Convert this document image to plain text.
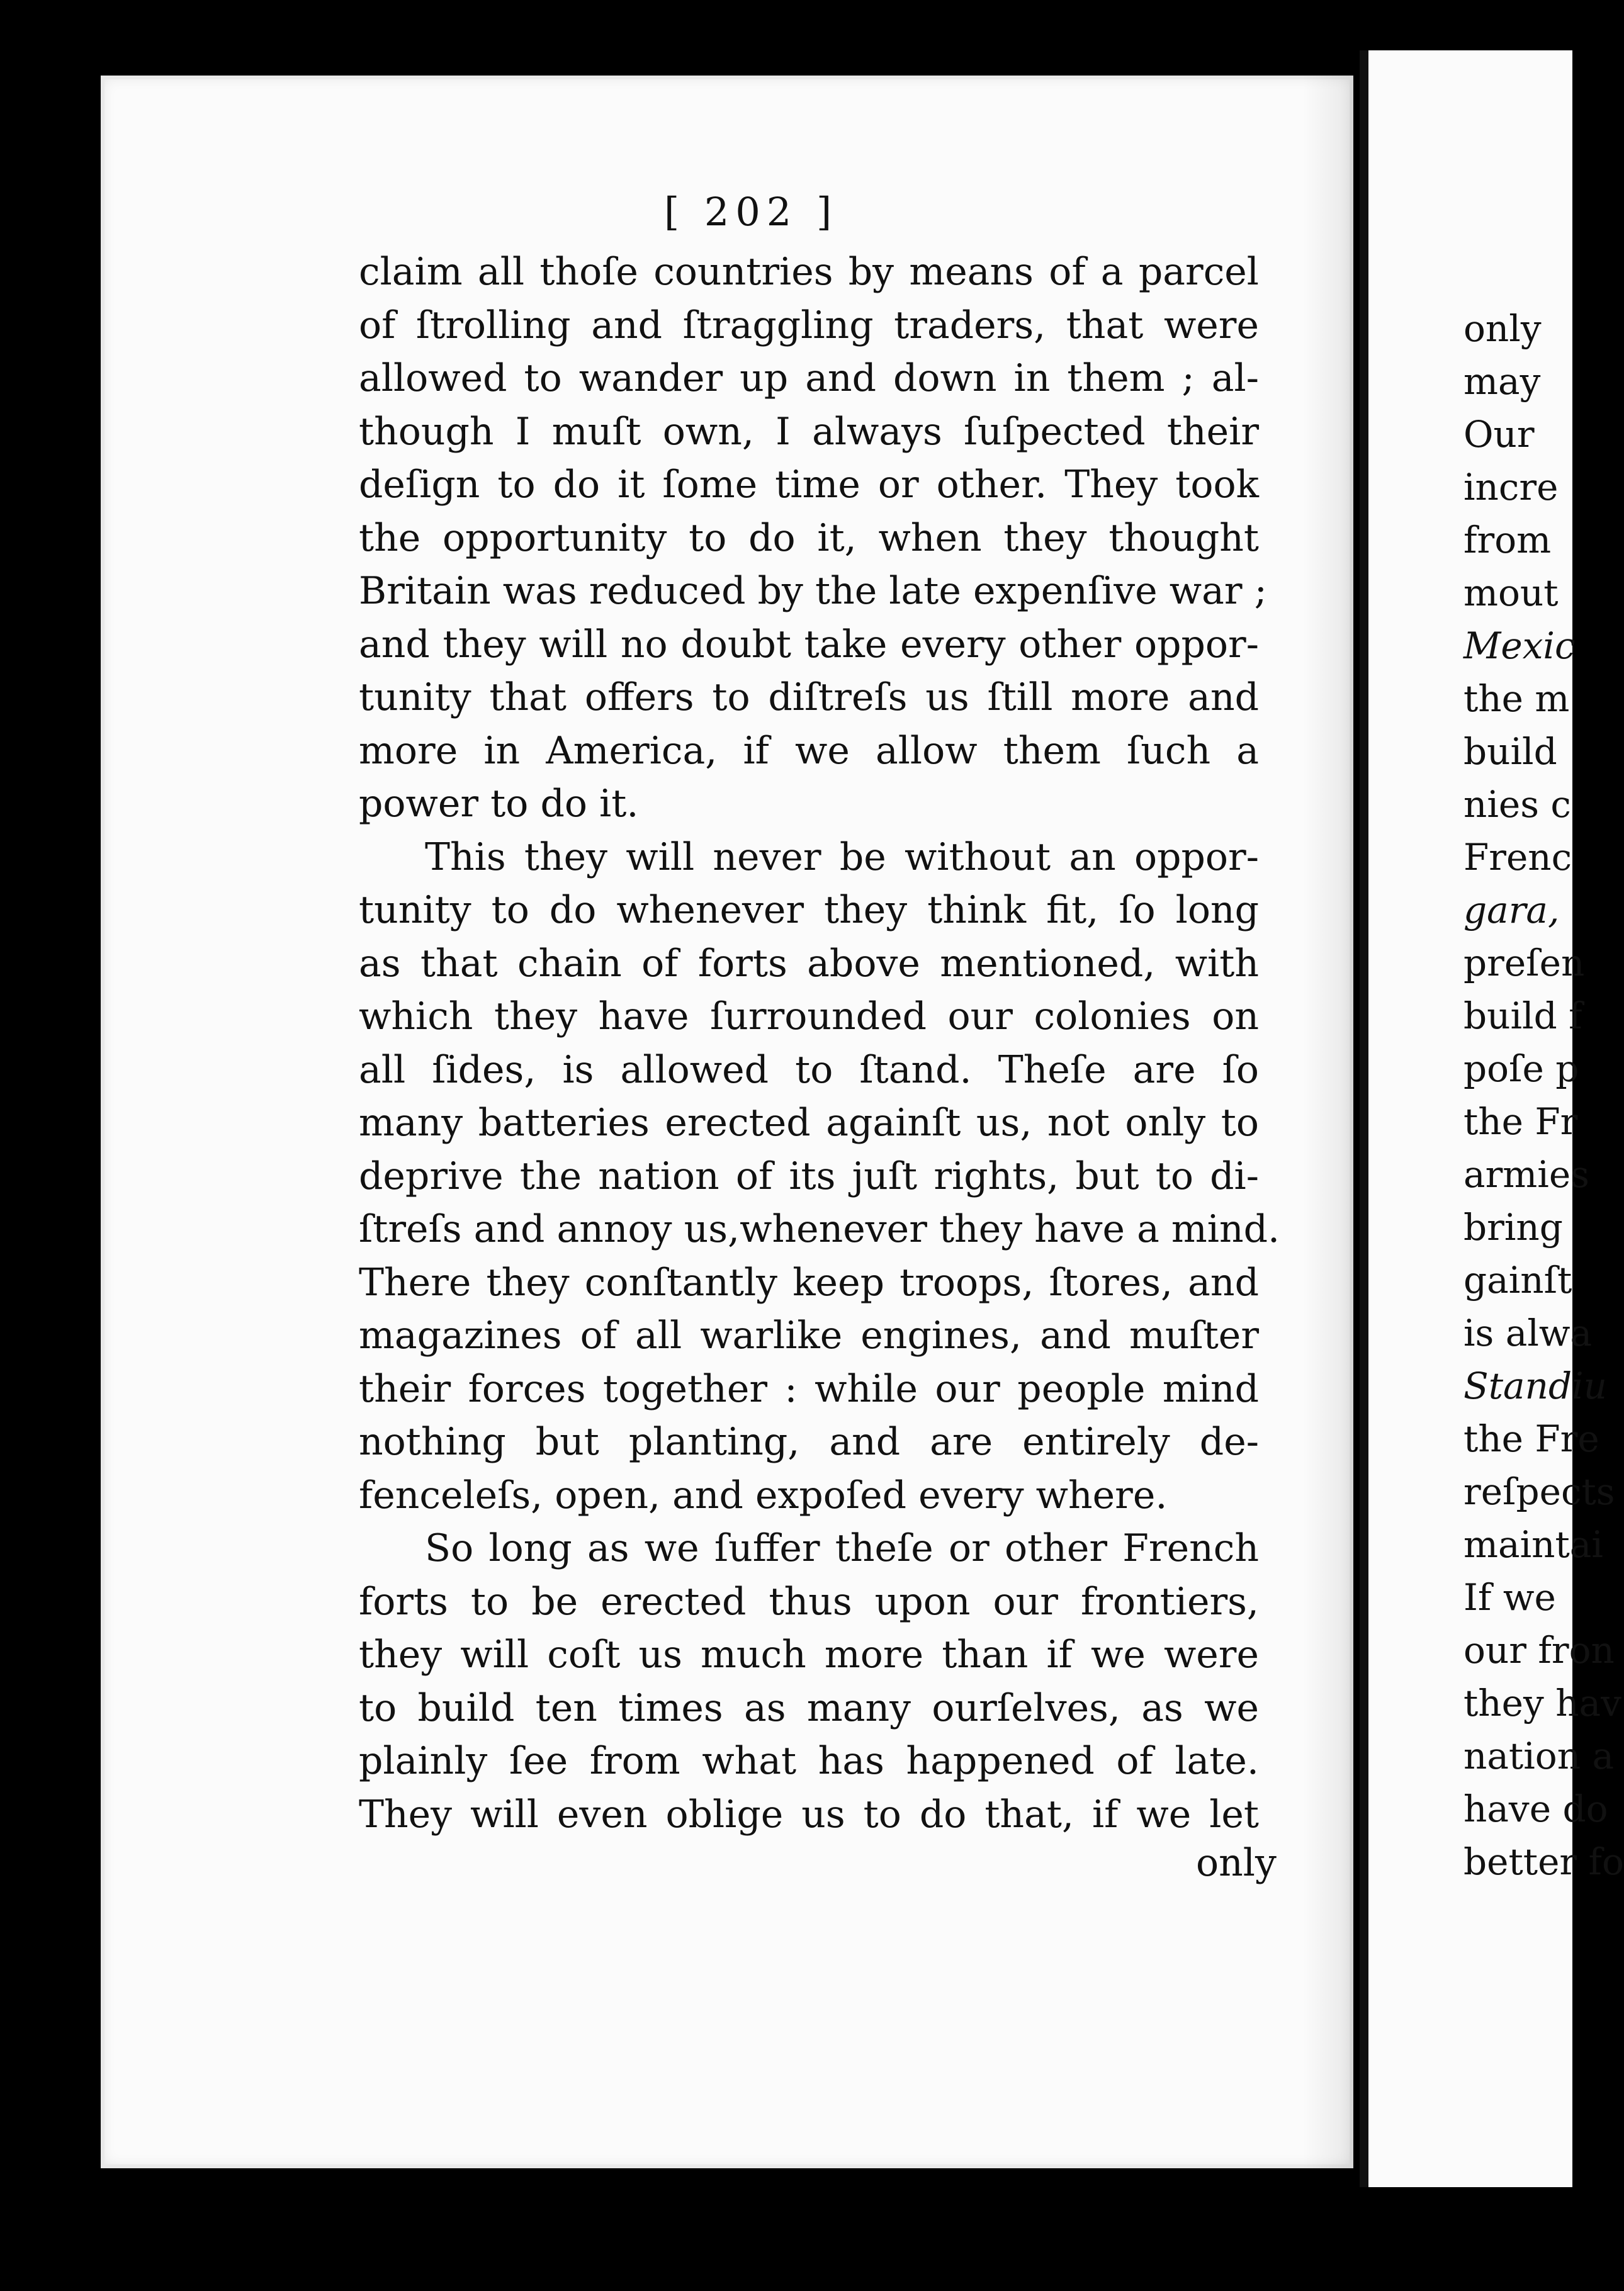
[ 202 ]
claim all thoſe countries by means of a parcel
of ſtrolling and ſtraggling traders, that were
allowed to wander up and down in them ; al-
though I muſt own, I always ſuſpected their
deſign to do it ſome time or other. They took
the opportunity to do it, when they thought
Britain was reduced by the late expenſive war ;
and they will no doubt take every other oppor-
tunity that offers to diſtreſs us ſtill more and
more in America, if we allow them ſuch a
power to do it.
This they will never be without an oppor-
tunity to do whenever they think fit, ſo long
as that chain of forts above mentioned, with
which they have ſurrounded our colonies on
all ſides, is allowed to ſtand. Theſe are ſo
many batteries erected againſt us, not only to
deprive the nation of its juſt rights, but to di-
ſtreſs and annoy us,whenever they have a mind.
There they conſtantly keep troops, ſtores, and
magazines of all warlike engines, and muſter
their forces together : while our people mind
nothing but planting, and are entirely de-
fenceleſs, open, and expoſed every where.
So long as we ſuffer theſe or other French
forts to be erected thus upon our frontiers,
they will coſt us much more than if we were
to build ten times as many ourſelves, as we
plainly ſee from what has happened of late.
They will even oblige us to do that, if we let
only
only
may
Our
incre
from
mout
Mexic
the m
build
nies c
Frenc
gara,
preſen
build f
poſe p
the Fr
armies
bring
gainſt
is alwa
Standiu
the Fre
reſpects
maintai
If we
our fron
they hav
nation a
have do
better fo
